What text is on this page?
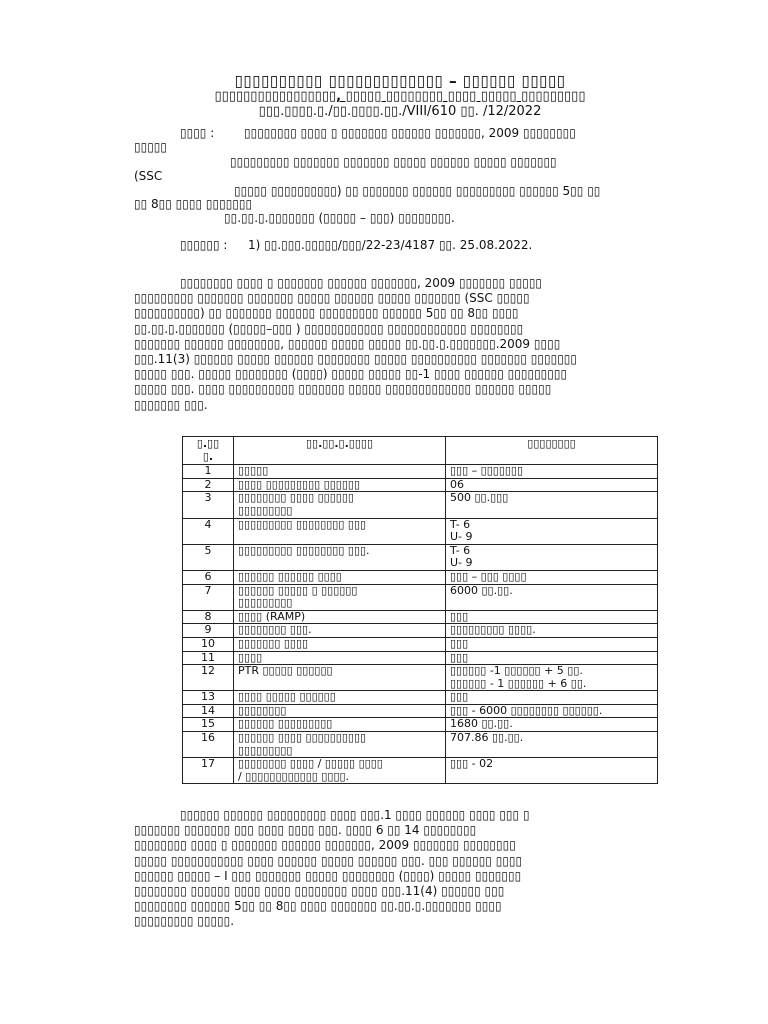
▯▯▯▯▯▯▯▯▯▯ ▯▯▯▯▯▯▯▯▯▯▯▯▯ – ▯▯▯▯▯▯ ▯▯▯▯▯
▯▯▯▯▯▯▯▯▯▯▯▯▯▯▯▯▯, ▯▯▯▯▯ ▯▯▯▯▯▯▯▯ ▯▯▯▯ ▯▯▯▯▯ ▯▯▯▯▯▯▯▯▯
▯▯▯.▯▯▯▯.▯./▯▯.▯▯▯▯.▯▯./VIII/610 ▯▯. /12/2022
▯▯▯▯ : ▯▯▯▯▯▯▯▯ ▯▯▯▯ ▯ ▯▯▯▯▯▯▯ ▯▯▯▯▯▯ ▯▯▯▯▯▯▯, 2009 ▯▯▯▯▯▯▯▯
▯▯▯▯▯
▯▯▯▯▯▯▯▯▯ ▯▯▯▯▯▯▯ ▯▯▯▯▯▯▯ ▯▯▯▯▯ ▯▯▯▯▯▯ ▯▯▯▯▯ ▯▯▯▯▯▯▯
(SSC
▯▯▯▯▯ ▯▯▯▯▯▯▯▯▯▯) ▯▯ ▯▯▯▯▯▯▯ ▯▯▯▯▯▯ ▯▯▯▯▯▯▯▯▯ ▯▯▯▯▯▯ 5▯▯ ▯▯
▯▯ 8▯▯ ▯▯▯▯ ▯▯▯▯▯▯▯
▯▯.▯▯.▯.▯▯▯▯▯▯▯ (▯▯▯▯▯ – ▯▯▯) ▯▯▯▯▯▯▯▯.
▯▯▯▯▯▯ : 1) ▯▯.▯▯▯.▯▯▯▯▯/▯▯▯/22-23/4187 ▯▯. 25.08.2022.
▯▯▯▯▯▯▯▯ ▯▯▯▯ ▯ ▯▯▯▯▯▯▯ ▯▯▯▯▯▯ ▯▯▯▯▯▯▯, 2009 ▯▯▯▯▯▯▯ ▯▯▯▯▯
▯▯▯▯▯▯▯▯▯ ▯▯▯▯▯▯▯ ▯▯▯▯▯▯▯ ▯▯▯▯▯ ▯▯▯▯▯▯ ▯▯▯▯▯ ▯▯▯▯▯▯▯ (SSC ▯▯▯▯▯
▯▯▯▯▯▯▯▯▯▯) ▯▯ ▯▯▯▯▯▯▯ ▯▯▯▯▯▯ ▯▯▯▯▯▯▯▯▯ ▯▯▯▯▯▯ 5▯▯ ▯▯ 8▯▯ ▯▯▯▯
▯▯.▯▯.▯.▯▯▯▯▯▯▯ (▯▯▯▯▯–▯▯▯ ) ▯▯▯▯▯▯▯▯▯▯▯▯ ▯▯▯▯▯▯▯▯▯▯▯▯ ▯▯▯▯▯▯▯▯
▯▯▯▯▯▯▯ ▯▯▯▯▯▯ ▯▯▯▯▯▯▯▯, ▯▯▯▯▯▯ ▯▯▯▯▯ ▯▯▯▯▯ ▯▯.▯▯.▯.▯▯▯▯▯▯▯.2009 ▯▯▯▯
▯▯▯.11(3) ▯▯▯▯▯▯ ▯▯▯▯▯ ▯▯▯▯▯▯ ▯▯▯▯▯▯▯▯ ▯▯▯▯▯ ▯▯▯▯▯▯▯▯▯▯ ▯▯▯▯▯▯▯ ▯▯▯▯▯▯▯
▯▯▯▯▯ ▯▯▯. ▯▯▯▯▯ ▯▯▯▯▯▯▯▯ (▯▯▯▯) ▯▯▯▯▯ ▯▯▯▯▯ ▯▯-1 ▯▯▯▯ ▯▯▯▯▯▯ ▯▯▯▯▯▯▯▯▯
▯▯▯▯▯ ▯▯▯. ▯▯▯▯ ▯▯▯▯▯▯▯▯▯▯ ▯▯▯▯▯▯▯ ▯▯▯▯▯ ▯▯▯▯▯▯▯▯▯▯▯▯▯ ▯▯▯▯▯▯ ▯▯▯▯▯
▯▯▯▯▯▯▯ ▯▯▯.
▯.▯▯
▯.	▯▯.▯▯.▯.▯▯▯▯	▯▯▯▯▯▯▯▯
1	▯▯▯▯▯	▯▯▯ – ▯▯▯▯▯▯▯
2	▯▯▯▯ ▯▯▯▯▯▯▯▯▯ ▯▯▯▯▯▯	06
3	▯▯▯▯▯▯▯▯ ▯▯▯▯ ▯▯▯▯▯▯
▯▯▯▯▯▯▯▯▯	500 ▯▯.▯▯▯
4	▯▯▯▯▯▯▯▯▯ ▯▯▯▯▯▯▯▯ ▯▯▯	T- 6
U- 9
5	▯▯▯▯▯▯▯▯▯ ▯▯▯▯▯▯▯▯ ▯▯▯.	T- 6
U- 9
6	▯▯▯▯▯▯ ▯▯▯▯▯▯ ▯▯▯▯	▯▯▯ – ▯▯▯ ▯▯▯▯
7	▯▯▯▯▯▯ ▯▯▯▯▯ ▯ ▯▯▯▯▯▯
▯▯▯▯▯▯▯▯▯	6000 ▯▯.▯▯.
8	▯▯▯▯ (RAMP)	▯▯▯
9	▯▯▯▯▯▯▯▯ ▯▯▯.	▯▯▯▯▯▯▯▯▯ ▯▯▯▯.
10	▯▯▯▯▯▯▯ ▯▯▯▯	▯▯▯
11	▯▯▯▯	▯▯▯
12	PTR ▯▯▯▯▯ ▯▯▯▯▯▯	▯▯▯▯▯▯ -1 ▯▯▯▯▯▯ + 5 ▯▯.
▯▯▯▯▯▯ - 1 ▯▯▯▯▯▯ + 6 ▯▯.
13	▯▯▯▯ ▯▯▯▯▯ ▯▯▯▯▯▯	▯▯▯
14	▯▯▯▯▯▯▯▯	▯▯▯ - 6000 ▯▯▯▯▯▯▯▯ ▯▯▯▯▯▯.
15	▯▯▯▯▯▯ ▯▯▯▯▯▯▯▯▯	1680 ▯▯.▯▯.
16	▯▯▯▯▯▯ ▯▯▯▯ ▯▯▯▯▯▯▯▯▯▯
▯▯▯▯▯▯▯▯▯	707.86 ▯▯.▯▯.
17	▯▯▯▯▯▯▯▯ ▯▯▯▯ / ▯▯▯▯▯ ▯▯▯▯
/ ▯▯▯▯▯▯▯▯▯▯▯▯ ▯▯▯▯.	▯▯▯ - 02
▯▯▯▯▯▯ ▯▯▯▯▯▯ ▯▯▯▯▯▯▯▯▯ ▯▯▯▯ ▯▯▯.1 ▯▯▯▯ ▯▯▯▯▯▯ ▯▯▯▯ ▯▯▯ ▯
▯▯▯▯▯▯▯ ▯▯▯▯▯▯▯ ▯▯▯ ▯▯▯▯ ▯▯▯▯ ▯▯▯. ▯▯▯▯ 6 ▯▯ 14 ▯▯▯▯▯▯▯▯
▯▯▯▯▯▯▯▯ ▯▯▯▯ ▯ ▯▯▯▯▯▯▯ ▯▯▯▯▯▯ ▯▯▯▯▯▯▯, 2009 ▯▯▯▯▯▯▯ ▯▯▯▯▯▯▯▯
▯▯▯▯▯ ▯▯▯▯▯▯▯▯▯▯▯ ▯▯▯▯ ▯▯▯▯▯▯ ▯▯▯▯▯ ▯▯▯▯▯▯ ▯▯▯. ▯▯▯ ▯▯▯▯▯▯ ▯▯▯▯
▯▯▯▯▯▯ ▯▯▯▯▯ – I ▯▯▯ ▯▯▯▯▯▯▯ ▯▯▯▯▯ ▯▯▯▯▯▯▯▯ (▯▯▯▯) ▯▯▯▯▯ ▯▯▯▯▯▯▯
▯▯▯▯▯▯▯▯ ▯▯▯▯▯▯ ▯▯▯▯ ▯▯▯▯ ▯▯▯▯▯▯▯▯ ▯▯▯▯ ▯▯▯.11(4) ▯▯▯▯▯▯ ▯▯▯
▯▯▯▯▯▯▯▯ ▯▯▯▯▯▯ 5▯▯ ▯▯ 8▯▯ ▯▯▯▯ ▯▯▯▯▯▯▯ ▯▯.▯▯.▯.▯▯▯▯▯▯▯ ▯▯▯▯
▯▯▯▯▯▯▯▯▯ ▯▯▯▯▯.
